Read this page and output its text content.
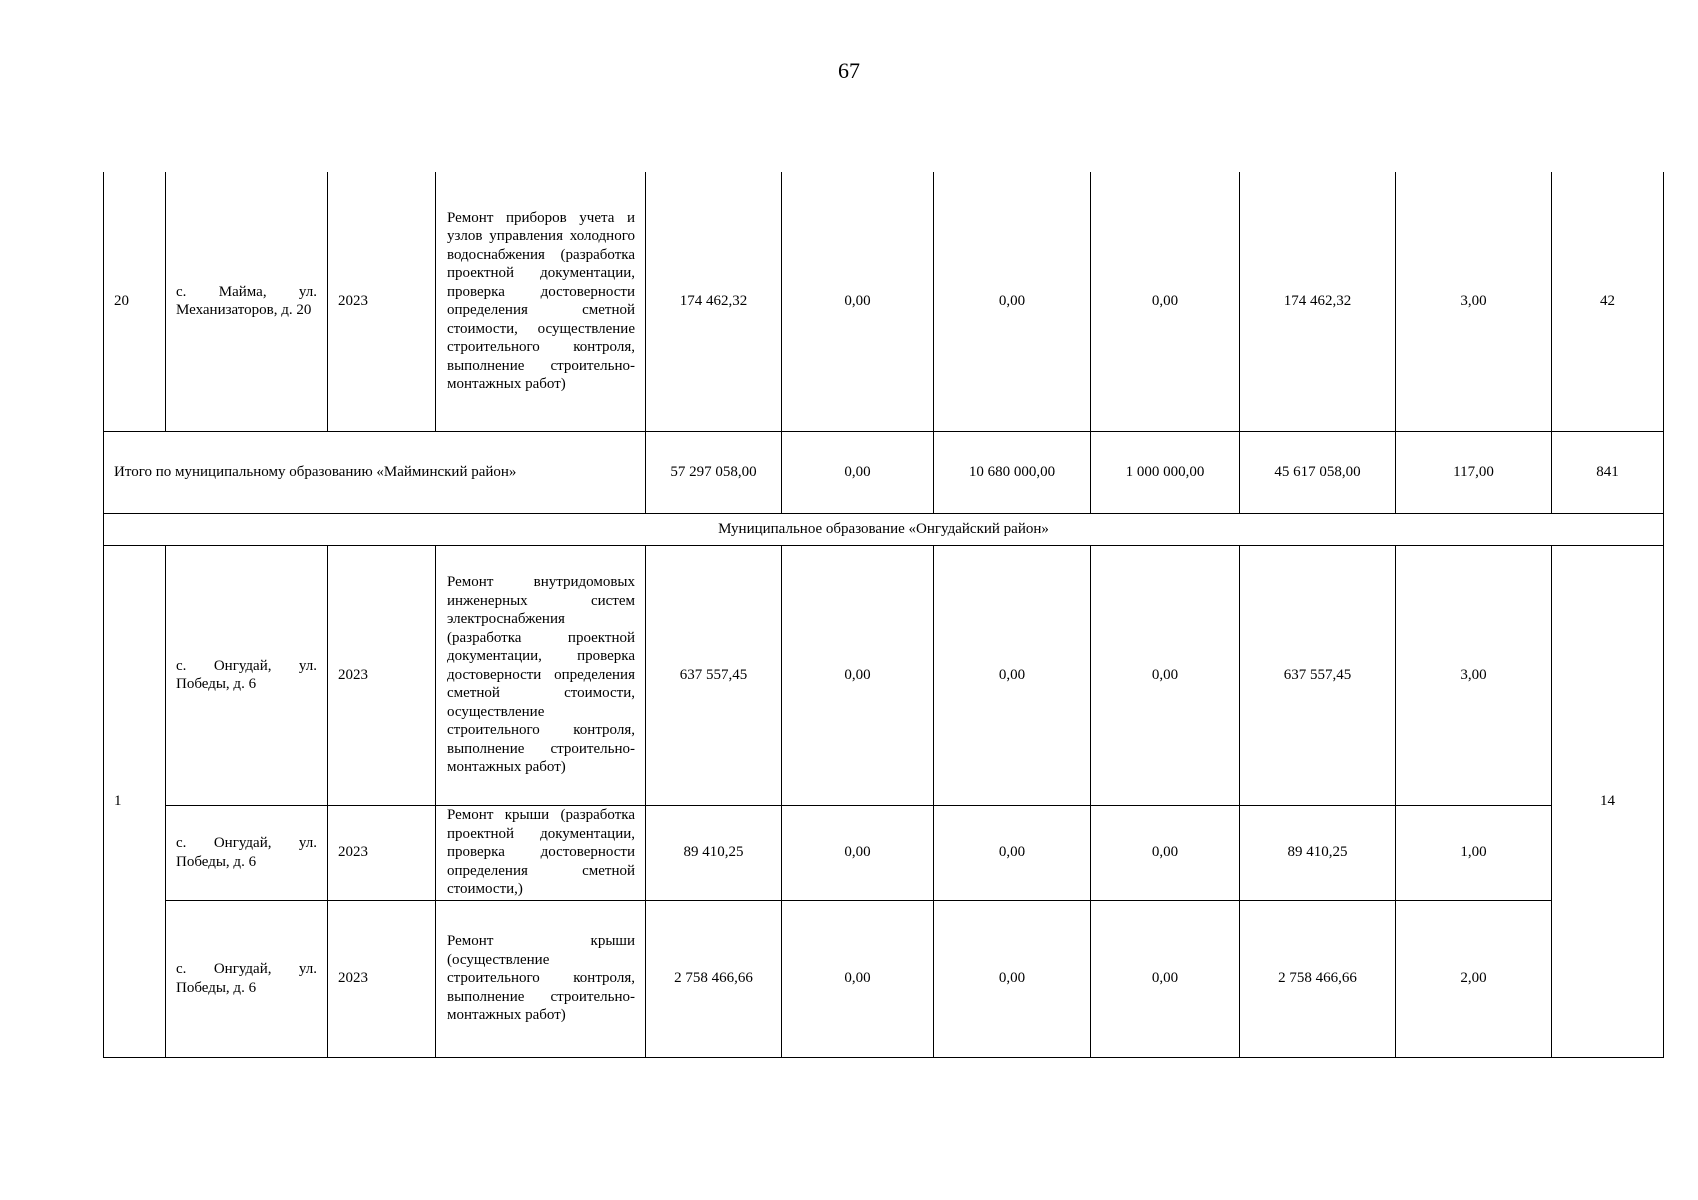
67
20	с. Майма, ул. Механизаторов, д. 20	2023	Ремонт приборов учета и узлов управления холодного водоснабжения (разработка проектной документации, проверка достоверности определения сметной стоимости, осуществление строительного контроля, выполнение строительно-монтажных работ)	174 462,32	0,00	0,00	0,00	174 462,32	3,00	42
Итого по муниципальному образованию «Майминский район»				57 297 058,00	0,00	10 680 000,00	1 000 000,00	45 617 058,00	117,00	841
Муниципальное образование «Онгудайский район»										
1	с. Онгудай, ул. Победы, д. 6	2023	Ремонт внутридомовых инженерных систем электроснабжения (разработка проектной документации, проверка достоверности определения сметной стоимости, осуществление строительного контроля, выполнение строительно-монтажных работ)	637 557,45	0,00	0,00	0,00	637 557,45	3,00	14
	с. Онгудай, ул. Победы, д. 6	2023	Ремонт крыши (разработка проектной документации, проверка достоверности определения сметной стоимости,)	89 410,25	0,00	0,00	0,00	89 410,25	1,00	
	с. Онгудай, ул. Победы, д. 6	2023	Ремонт крыши (осуществление строительного контроля, выполнение строительно-монтажных работ)	2 758 466,66	0,00	0,00	0,00	2 758 466,66	2,00	
